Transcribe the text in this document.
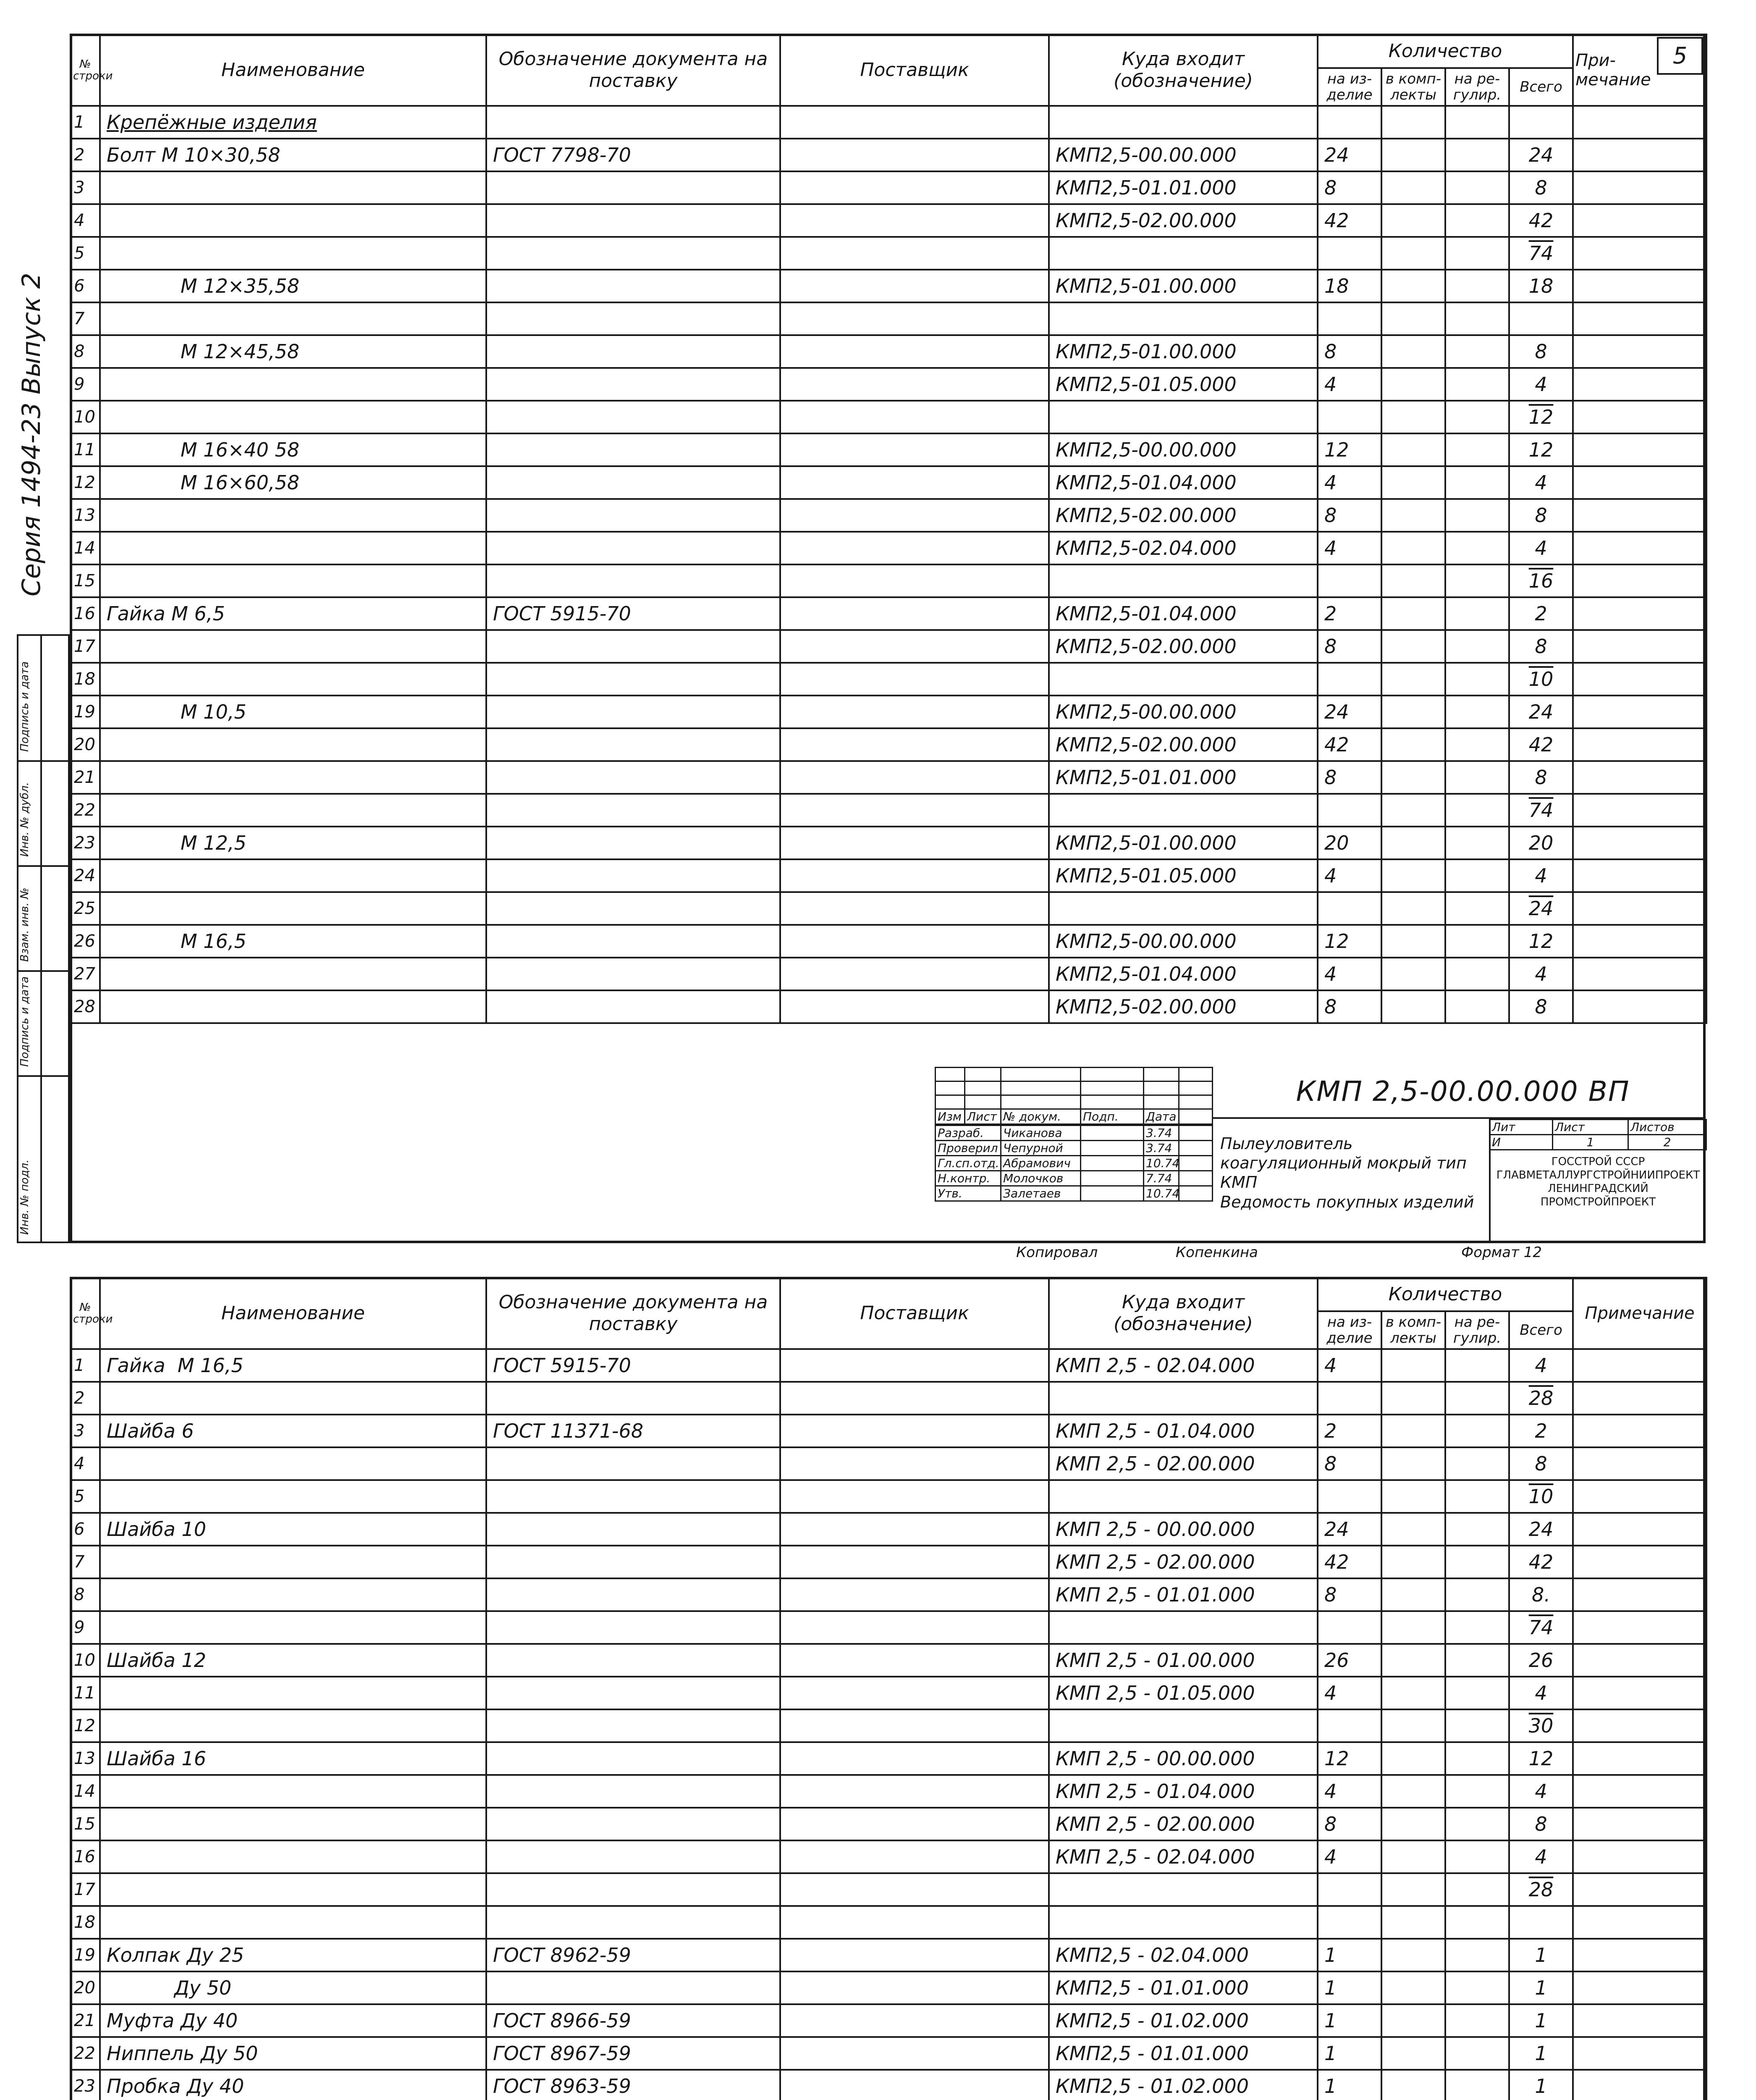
Серия 1494-23 Выпуск 2
Подпись и дата
Взам. инв. №
Инв. № дубл.
Подпись и дата
Инв. № подл.
5
№ строки	Наименование	Обозначение документа на поставку	Поставщик	Куда входит (обозначение)	Количество				При-мечание
					на из-делие	в комп-лекты	на ре-гулир.	Всего	
1	Крепёжные изделия								
2	Болт М 10×30,58	ГОСТ 7798-70		КМП2,5-00.00.000	24			24	
3				КМП2,5-01.01.000	8			8	
4				КМП2,5-02.00.000	42			42	
5								74	
6	М 12×35,58			КМП2,5-01.00.000	18			18	
7									
8	М 12×45,58			КМП2,5-01.00.000	8			8	
9				КМП2,5-01.05.000	4			4	
10								12	
11	М 16×40 58			КМП2,5-00.00.000	12			12	
12	М 16×60,58			КМП2,5-01.04.000	4			4	
13				КМП2,5-02.00.000	8			8	
14				КМП2,5-02.04.000	4			4	
15								16	
16	Гайка М 6,5	ГОСТ 5915-70		КМП2,5-01.04.000	2			2	
17				КМП2,5-02.00.000	8			8	
18								10	
19	М 10,5			КМП2,5-00.00.000	24			24	
20				КМП2,5-02.00.000	42			42	
21				КМП2,5-01.01.000	8			8	
22								74	
23	М 12,5			КМП2,5-01.00.000	20			20	
24				КМП2,5-01.05.000	4			4	
25								24	
26	М 16,5			КМП2,5-00.00.000	12			12	
27				КМП2,5-01.04.000	4			4	
28				КМП2,5-02.00.000	8			8	

Изм	Лист	№ докум.	Подп.	Дата	
Разраб.	Чиканова		3.74	
Проверил	Чепурной		3.74	
Гл.сп.отд.	Абрамович		10.74	
Н.контр.	Молочков		7.74	
Утв.	Залетаев		10.74	
КМП 2,5-00.00.000 ВП
Пылеуловитель коагуляционный мокрый тип КМП
Ведомость покупных изделий
Лит	Лист	Листов
И	1	2
ГОССТРОЙ СССР ГЛАВМЕТАЛЛУРГСТРОЙНИИПРОЕКТ ЛЕНИНГРАДСКИЙ ПРОМСТРОЙПРОЕКТ
Копировал	Копенкина	Формат 12
№ строки	Наименование	Обозначение документа на поставку	Поставщик	Куда входит (обозначение)	Количество				Примечание
					на из-делие	в комп-лекты	на ре-гулир.	Всего	
1	Гайка  М 16,5	ГОСТ 5915-70		КМП 2,5 - 02.04.000	4			4	
2								28	
3	Шайба 6	ГОСТ 11371-68		КМП 2,5 - 01.04.000	2			2	
4				КМП 2,5 - 02.00.000	8			8	
5								10	
6	Шайба 10			КМП 2,5 - 00.00.000	24			24	
7				КМП 2,5 - 02.00.000	42			42	
8				КМП 2,5 - 01.01.000	8			8.	
9								74	
10	Шайба 12			КМП 2,5 - 01.00.000	26			26	
11				КМП 2,5 - 01.05.000	4			4	
12								30	
13	Шайба 16			КМП 2,5 - 00.00.000	12			12	
14				КМП 2,5 - 01.04.000	4			4	
15				КМП 2,5 - 02.00.000	8			8	
16				КМП 2,5 - 02.04.000	4			4	
17								28	
18									
19	Колпак Ду 25	ГОСТ 8962-59		КМП2,5 - 02.04.000	1			1	
20	Ду 50			КМП2,5 - 01.01.000	1			1	
21	Муфта Ду 40	ГОСТ 8966-59		КМП2,5 - 01.02.000	1			1	
22	Ниппель Ду 50	ГОСТ 8967-59		КМП2,5 - 01.01.000	1			1	
23	Пробка Ду 40	ГОСТ 8963-59		КМП2,5 - 01.02.000	1			1	
